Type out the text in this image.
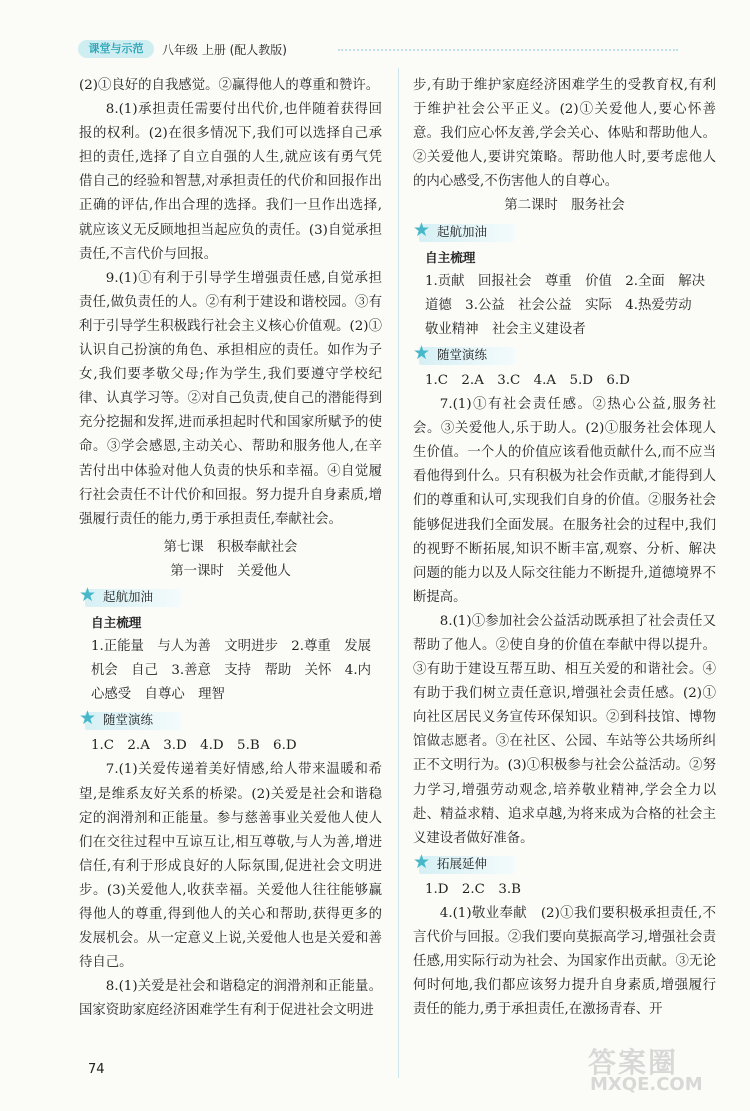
课堂与示范	八年级 上册 (配人教版)

(2)①良好的自我感觉。②赢得他人的尊重和赞许。

8.(1)承担责任需要付出代价,也伴随着获得回报的权利。(2)在很多情况下,我们可以选择自己承担的责任,选择了自立自强的人生,就应该有勇气凭借自己的经验和智慧,对承担责任的代价和回报作出正确的评估,作出合理的选择。我们一旦作出选择,就应该义无反顾地担当起应负的责任。(3)自觉承担责任,不言代价与回报。

9.(1)①有利于引导学生增强责任感,自觉承担责任,做负责任的人。②有利于建设和谐校园。③有利于引导学生积极践行社会主义核心价值观。(2)①认识自己扮演的角色、承担相应的责任。如作为子女,我们要孝敬父母;作为学生,我们要遵守学校纪律、认真学习等。②对自己负责,使自己的潜能得到充分挖掘和发挥,进而承担起时代和国家所赋予的使命。③学会感恩,主动关心、帮助和服务他人,在辛苦付出中体验对他人负责的快乐和幸福。④自觉履行社会责任不计代价和回报。努力提升自身素质,增强履行责任的能力,勇于承担责任,奉献社会。

第七课　积极奉献社会

第一课时　关爱他人

★ 起航加油

自主梳理

1.正能量　与人为善　文明进步　2.尊重　发展机会　自己　3.善意　支持　帮助　关怀　4.内心感受　自尊心　理智

★ 随堂演练

1.C　2.A　3.D　4.D　5.B　6.D

7.(1)关爱传递着美好情感,给人带来温暖和希望,是维系友好关系的桥梁。(2)关爱是社会和谐稳定的润滑剂和正能量。参与慈善事业关爱他人使人们在交往过程中互谅互让,相互尊敬,与人为善,增进信任,有利于形成良好的人际氛围,促进社会文明进步。(3)关爱他人,收获幸福。关爱他人往往能够赢得他人的尊重,得到他人的关心和帮助,获得更多的发展机会。从一定意义上说,关爱他人也是关爱和善待自己。

8.(1)关爱是社会和谐稳定的润滑剂和正能量。国家资助家庭经济困难学生有利于促进社会文明进

步,有助于维护家庭经济困难学生的受教育权,有利于维护社会公平正义。(2)①关爱他人,要心怀善意。我们应心怀友善,学会关心、体贴和帮助他人。②关爱他人,要讲究策略。帮助他人时,要考虑他人的内心感受,不伤害他人的自尊心。

第二课时　服务社会

★ 起航加油

自主梳理

1.贡献　回报社会　尊重　价值　2.全面　解决　道德　3.公益　社会公益　实际　4.热爱劳动　敬业精神　社会主义建设者

★ 随堂演练

1.C　2.A　3.C　4.A　5.D　6.D

7.(1)①有社会责任感。②热心公益,服务社会。③关爱他人,乐于助人。(2)①服务社会体现人生价值。一个人的价值应该看他贡献什么,而不应当看他得到什么。只有积极为社会作贡献,才能得到人们的尊重和认可,实现我们自身的价值。②服务社会能够促进我们全面发展。在服务社会的过程中,我们的视野不断拓展,知识不断丰富,观察、分析、解决问题的能力以及人际交往能力不断提升,道德境界不断提高。

8.(1)①参加社会公益活动既承担了社会责任又帮助了他人。②使自身的价值在奉献中得以提升。③有助于建设互帮互助、相互关爱的和谐社会。④有助于我们树立责任意识,增强社会责任感。(2)①向社区居民义务宣传环保知识。②到科技馆、博物馆做志愿者。③在社区、公园、车站等公共场所纠正不文明行为。(3)①积极参与社会公益活动。②努力学习,增强劳动观念,培养敬业精神,学会全力以赴、精益求精、追求卓越,为将来成为合格的社会主义建设者做好准备。

★ 拓展延伸

1.D　2.C　3.B

4.(1)敬业奉献　(2)①我们要积极承担责任,不言代价与回报。②我们要向莫振高学习,增强社会责任感,用实际行动为社会、为国家作出贡献。③无论何时何地,我们都应该努力提升自身素质,增强履行责任的能力,勇于承担责任,在激扬青春、开

74	答案圈
MXQE.COM
